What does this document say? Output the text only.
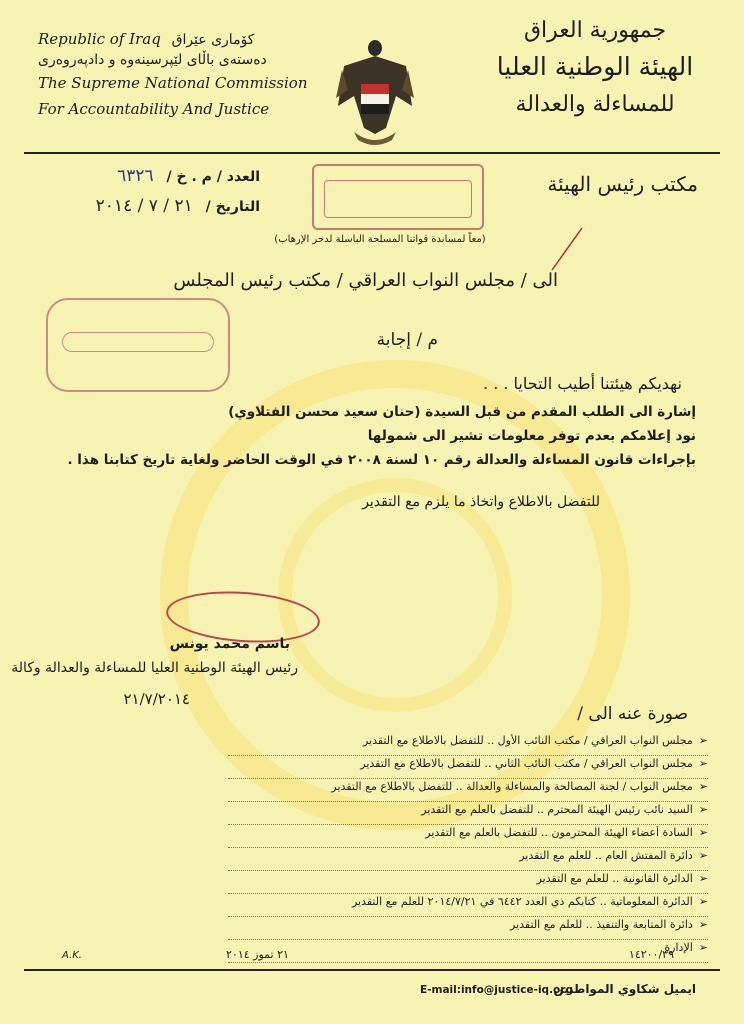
Republic of Iraq کۆماری عێراق
دەستەی باڵای لێپرسینەوە و دادپەروەری
The Supreme National Commission
For Accountability And Justice
جمهورية العراق
الهيئة الوطنية العليا
للمساءلة والعدالة
العدد / م . خ / ٦٣٢٦
التاريخ / ٢١ / ٧ / ٢٠١٤
(معاً لمساندة قواتنا المسلحة الباسلة لدحر الإرهاب)
مكتب رئيس الهيئة
الى / مجلس النواب العراقي / مكتب رئيس المجلس
م / إجابة
نهديكم هيئتنا أطيب التحايا . . .
إشارة الى الطلب المقدم من قبل السيدة (حنان سعيد محسن الفتلاوي)
نود إعلامكم بعدم توفر معلومات تشير الى شمولها
بإجراءات قانون المساءلة والعدالة رقم ١٠ لسنة ٢٠٠٨ في الوقت الحاضر ولغاية تاريخ كتابنا هذا .
للتفضل بالاطلاع واتخاذ ما يلزم مع التقدير
باسم محمد يونس
رئيس الهيئة الوطنية العليا للمساءلة والعدالة وكالة
٢١/٧/٢٠١٤
صورة عنه الى /
➢مجلس النواب العراقي / مكتب النائب الأول .. للتفضل بالاطلاع مع التقدير
➢مجلس النواب العراقي / مكتب النائب الثاني .. للتفضل بالاطلاع مع التقدير
➢مجلس النواب / لجنة المصالحة والمساءلة والعدالة .. للتفضل بالاطلاع مع التقدير
➢السيد نائب رئيس الهيئة المحترم .. للتفضل بالعلم مع التقدير
➢السادة أعضاء الهيئة المحترمون .. للتفضل بالعلم مع التقدير
➢دائرة المفتش العام .. للعلم مع التقدير
➢الدائرة القانونية .. للعلم مع التقدير
➢الدائرة المعلوماتية .. كتابكم ذي العدد ٦٤٤٢ في ٢٠١٤/٧/٢١ للعلم مع التقدير
➢دائرة المتابعة والتنفيذ .. للعلم مع التقدير
➢الإدارة
A.K.	٢١ تموز ٢٠١٤	١٤٢٠٠/٣٩
E-mail:info@justice-iq.org
ايميل شكاوي المواطنين
